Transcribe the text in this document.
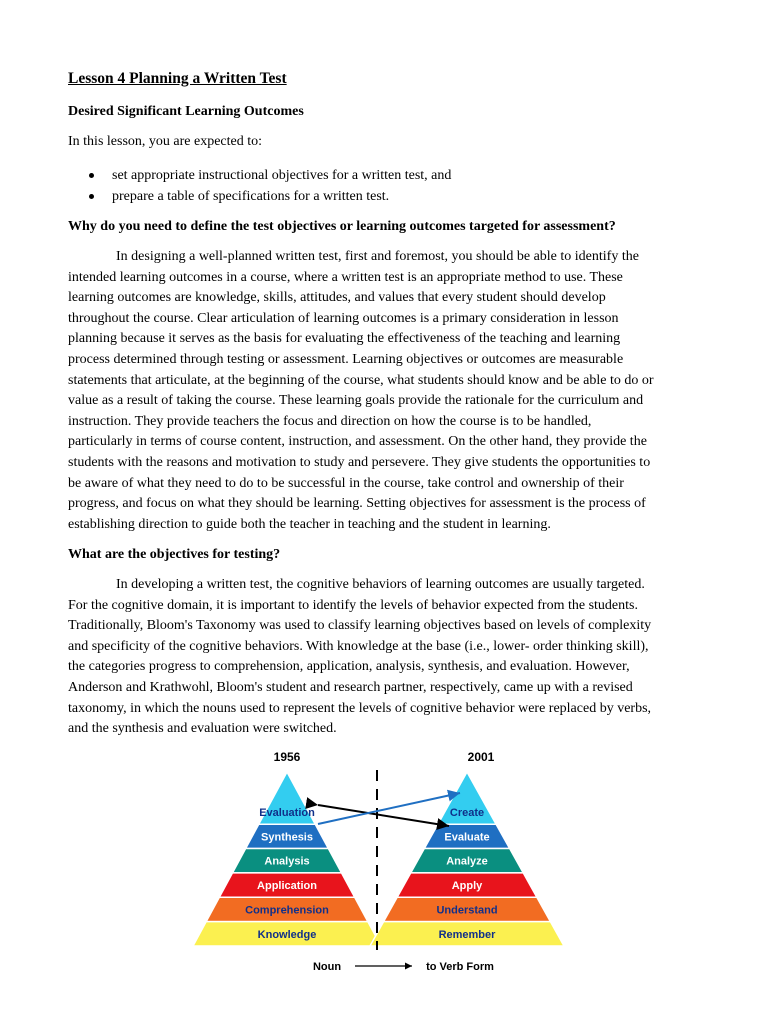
Lesson 4 Planning a Written Test
Desired Significant Learning Outcomes

In this lesson, you are expected to:

set appropriate instructional objectives for a written test, and
prepare a table of specifications for a written test.

Why do you need to define the test objectives or learning outcomes targeted for assessment?

In designing a well-planned written test, first and foremost, you should be able to identify the
intended learning outcomes in a course, where a written test is an appropriate method to use. These
learning outcomes are knowledge, skills, attitudes, and values that every student should develop
throughout the course. Clear articulation of learning outcomes is a primary consideration in lesson
planning because it serves as the basis for evaluating the effectiveness of the teaching and learning
process determined through testing or assessment. Learning objectives or outcomes are measurable
statements that articulate, at the beginning of the course, what students should know and be able to do or
value as a result of taking the course. These learning goals provide the rationale for the curriculum and
instruction. They provide teachers the focus and direction on how the course is to be handled,
particularly in terms of course content, instruction, and assessment. On the other hand, they provide the
students with the reasons and motivation to study and persevere. They give students the opportunities to
be aware of what they need to do to be successful in the course, take control and ownership of their
progress, and focus on what they should be learning. Setting objectives for assessment is the process of
establishing direction to guide both the teacher in teaching and the student in learning.

What are the objectives for testing?

In developing a written test, the cognitive behaviors of learning outcomes are usually targeted.
For the cognitive domain, it is important to identify the levels of behavior expected from the students.
Traditionally, Bloom's Taxonomy was used to classify learning objectives based on levels of complexity
and specificity of the cognitive behaviors. With knowledge at the base (i.e., lower- order thinking skill),
the categories progress to comprehension, application, analysis, synthesis, and evaluation. However,
Anderson and Krathwohl, Bloom's student and research partner, respectively, came up with a revised
taxonomy, in which the nouns used to represent the levels of cognitive behavior were replaced by verbs,
and the synthesis and evaluation were switched.
Evaluation
Synthesis
Analysis
Application
Comprehension
Knowledge
Create
Evaluate
Analyze
Apply
Understand
Remember
1956	2001
Noun	to Verb Form
